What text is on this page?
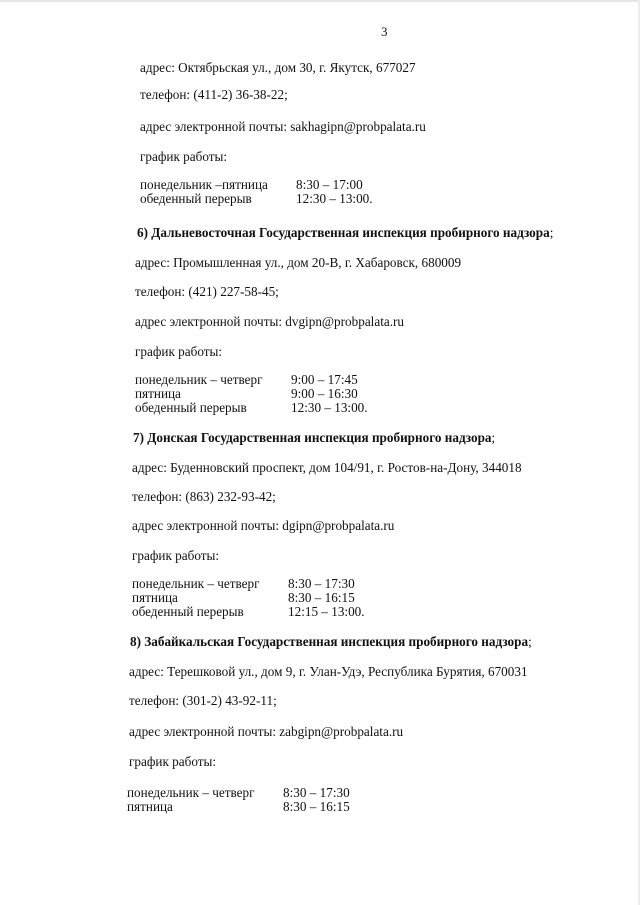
3
адрес: Октябрьская ул., дом 30, г. Якутск, 677027
телефон: (411-2) 36-38-22;
адрес электронной почты: sakhagipn@probpalata.ru
график работы:
понедельник –пятница	8:30 – 17:00
обеденный перерыв	12:30 – 13:00.
6) Дальневосточная Государственная инспекция пробирного надзора;
адрес: Промышленная ул., дом 20-В, г. Хабаровск, 680009
телефон: (421) 227-58-45;
адрес электронной почты: dvgipn@probpalata.ru
график работы:
понедельник – четверг	9:00 – 17:45
пятница	9:00 – 16:30
обеденный перерыв	12:30 – 13:00.
7) Донская Государственная инспекция пробирного надзора;
адрес: Буденновский проспект, дом 104/91, г. Ростов-на-Дону, 344018
телефон: (863) 232-93-42;
адрес электронной почты: dgipn@probpalata.ru
график работы:
понедельник – четверг	8:30 – 17:30
пятница	8:30 – 16:15
обеденный перерыв	12:15 – 13:00.
8) Забайкальская Государственная инспекция пробирного надзора;
адрес: Терешковой ул., дом 9, г. Улан-Удэ, Республика Бурятия, 670031
телефон: (301-2) 43-92-11;
адрес электронной почты: zabgipn@probpalata.ru
график работы:
понедельник – четверг	8:30 – 17:30
пятница	8:30 – 16:15
